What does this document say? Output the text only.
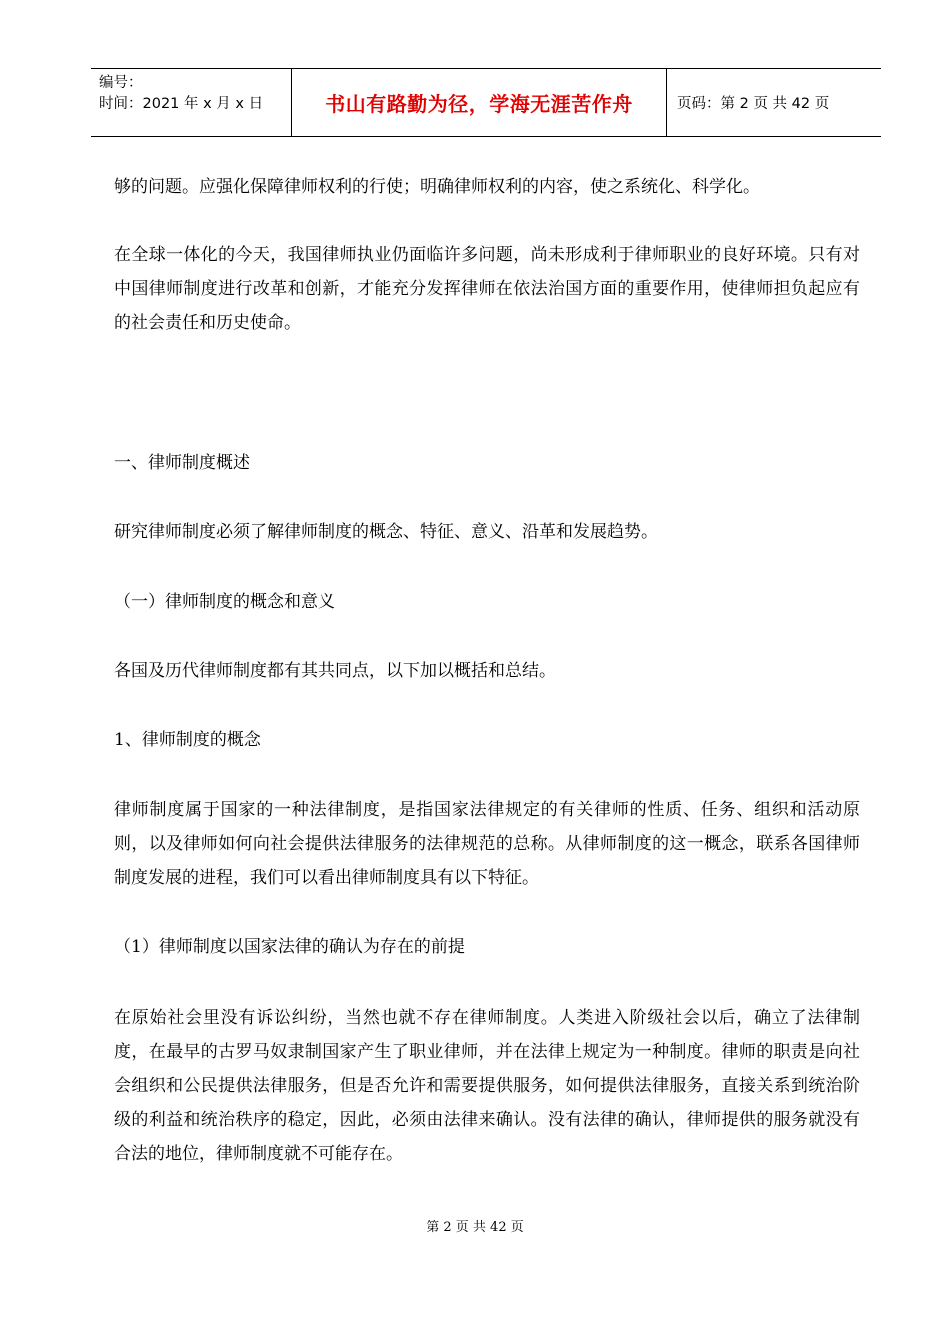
编号：
时间：2021 年 x 月 x 日	书山有路勤为径，学海无涯苦作舟	页码：第 2 页 共 42 页
够的问题。应强化保障律师权利的行使；明确律师权利的内容，使之系统化、科学化。
在全球一体化的今天，我国律师执业仍面临许多问题，尚未形成利于律师职业的良好环境。只有对中国律师制度进行改革和创新，才能充分发挥律师在依法治国方面的重要作用，使律师担负起应有的社会责任和历史使命。
一、律师制度概述
研究律师制度必须了解律师制度的概念、特征、意义、沿革和发展趋势。
（一）律师制度的概念和意义
各国及历代律师制度都有其共同点，以下加以概括和总结。
1、律师制度的概念
律师制度属于国家的一种法律制度，是指国家法律规定的有关律师的性质、任务、组织和活动原则，以及律师如何向社会提供法律服务的法律规范的总称。从律师制度的这一概念，联系各国律师制度发展的进程，我们可以看出律师制度具有以下特征。
（1）律师制度以国家法律的确认为存在的前提
在原始社会里没有诉讼纠纷，当然也就不存在律师制度。人类进入阶级社会以后，确立了法律制度，在最早的古罗马奴隶制国家产生了职业律师，并在法律上规定为一种制度。律师的职责是向社会组织和公民提供法律服务，但是否允许和需要提供服务，如何提供法律服务，直接关系到统治阶级的利益和统治秩序的稳定，因此，必须由法律来确认。没有法律的确认，律师提供的服务就没有合法的地位，律师制度就不可能存在。
第 2 页 共 42 页
